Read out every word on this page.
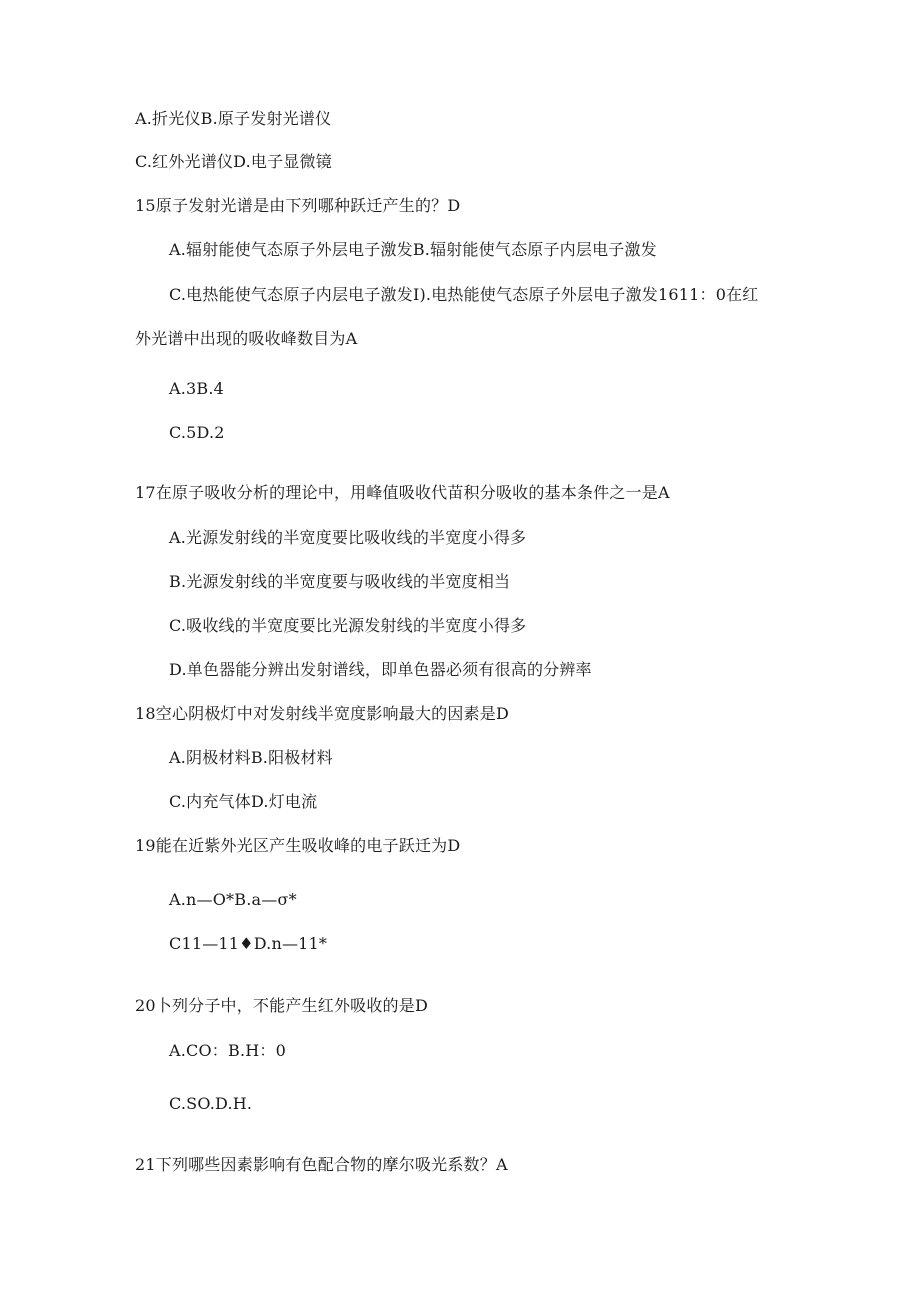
A.折光仪B.原子发射光谱仪
C.红外光谱仪D.电子显微镜
15原子发射光谱是由下列哪种跃迁产生的？D
A.辐射能使气态原子外层电子激发B.辐射能使气态原子内层电子激发
C.电热能使气态原子内层电子激发I).电热能使气态原子外层电子激发1611：0在红
外光谱中出现的吸收峰数目为A
A.3B.4
C.5D.2
17在原子吸收分析的理论中，用峰值吸收代苗积分吸收的基本条件之一是A
A.光源发射线的半宽度要比吸收线的半宽度小得多
B.光源发射线的半宽度要与吸收线的半宽度相当
C.吸收线的半宽度要比光源发射线的半宽度小得多
D.单色器能分辨出发射谱线，即单色器必须有很高的分辨率
18空心阴极灯中对发射线半宽度影响最大的因素是D
A.阴极材料B.阳极材料
C.内充气体D.灯电流
19能在近紫外光区产生吸收峰的电子跃迁为D
A.n—O*B.a—σ*
C11—11♦D.n—11*
20卜列分子中，不能产生红外吸收的是D
A.CO：B.H：0
C.SO.D.H.
21下列哪些因素影响有色配合物的摩尔吸光系数？A
